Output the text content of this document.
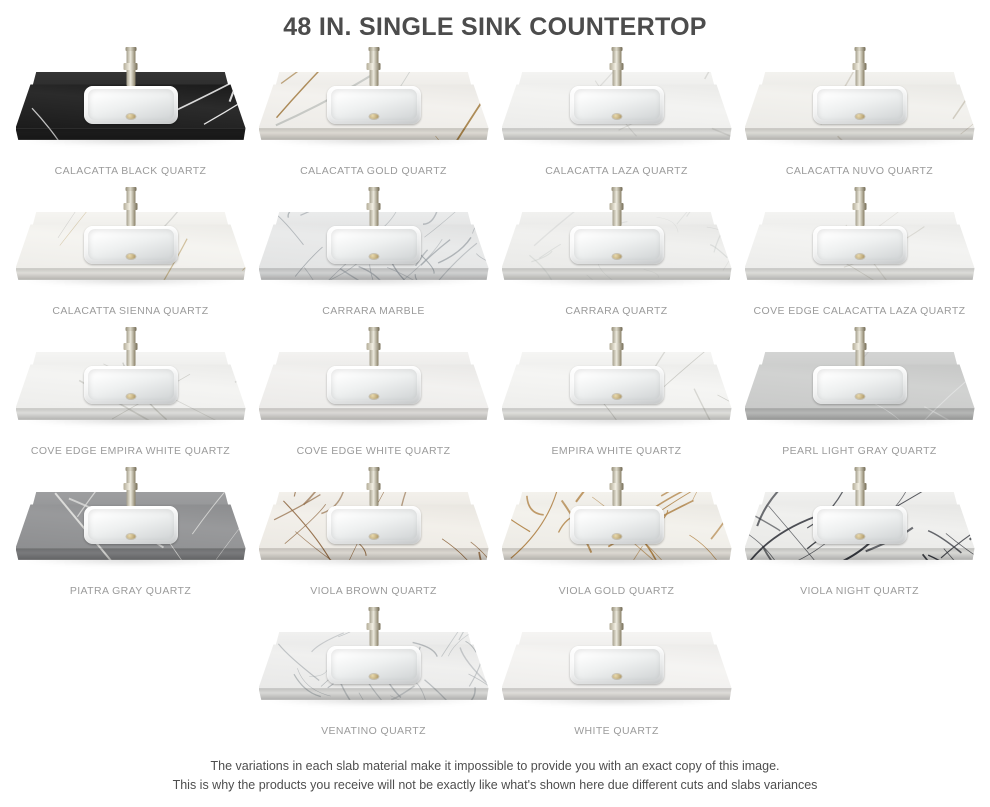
48 IN. SINGLE SINK COUNTERTOP
CALACATTA BLACK QUARTZ	CALACATTA GOLD QUARTZ	CALACATTA LAZA QUARTZ	CALACATTA NUVO QUARTZ
CALACATTA SIENNA QUARTZ	CARRARA MARBLE	CARRARA QUARTZ	COVE EDGE CALACATTA LAZA QUARTZ
COVE EDGE EMPIRA WHITE QUARTZ	COVE EDGE WHITE QUARTZ	EMPIRA WHITE QUARTZ	PEARL LIGHT GRAY QUARTZ
PIATRA GRAY QUARTZ	VIOLA BROWN QUARTZ	VIOLA GOLD QUARTZ	VIOLA NIGHT QUARTZ
VENATINO QUARTZ	WHITE QUARTZ
The variations in each slab material make it impossible to provide you with an exact copy of this image.
This is why the products you receive will not be exactly like what's shown here due different cuts and slabs variances
